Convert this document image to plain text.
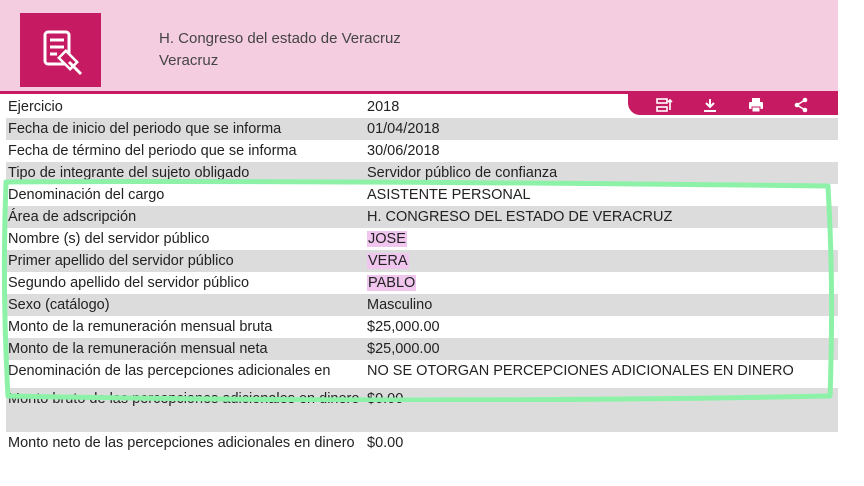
H. Congreso del estado de Veracruz
Veracruz
Ejercicio	2018
Fecha de inicio del periodo que se informa	01/04/2018
Fecha de término del periodo que se informa	30/06/2018
Tipo de integrante del sujeto obligado	Servidor público de confianza
Denominación del cargo	ASISTENTE PERSONAL
Área de adscripción	H. CONGRESO DEL ESTADO DE VERACRUZ
Nombre (s) del servidor público	JOSE
Primer apellido del servidor público	VERA
Segundo apellido del servidor público	PABLO
Sexo (catálogo)	Masculino
Monto de la remuneración mensual bruta	$25,000.00
Monto de la remuneración mensual neta	$25,000.00
Denominación de las percepciones adicionales en	NO SE OTORGAN PERCEPCIONES ADICIONALES EN DINERO
Monto bruto de las percepciones adicionales en dinero $0.00
Monto neto de las percepciones adicionales en dinero $0.00
